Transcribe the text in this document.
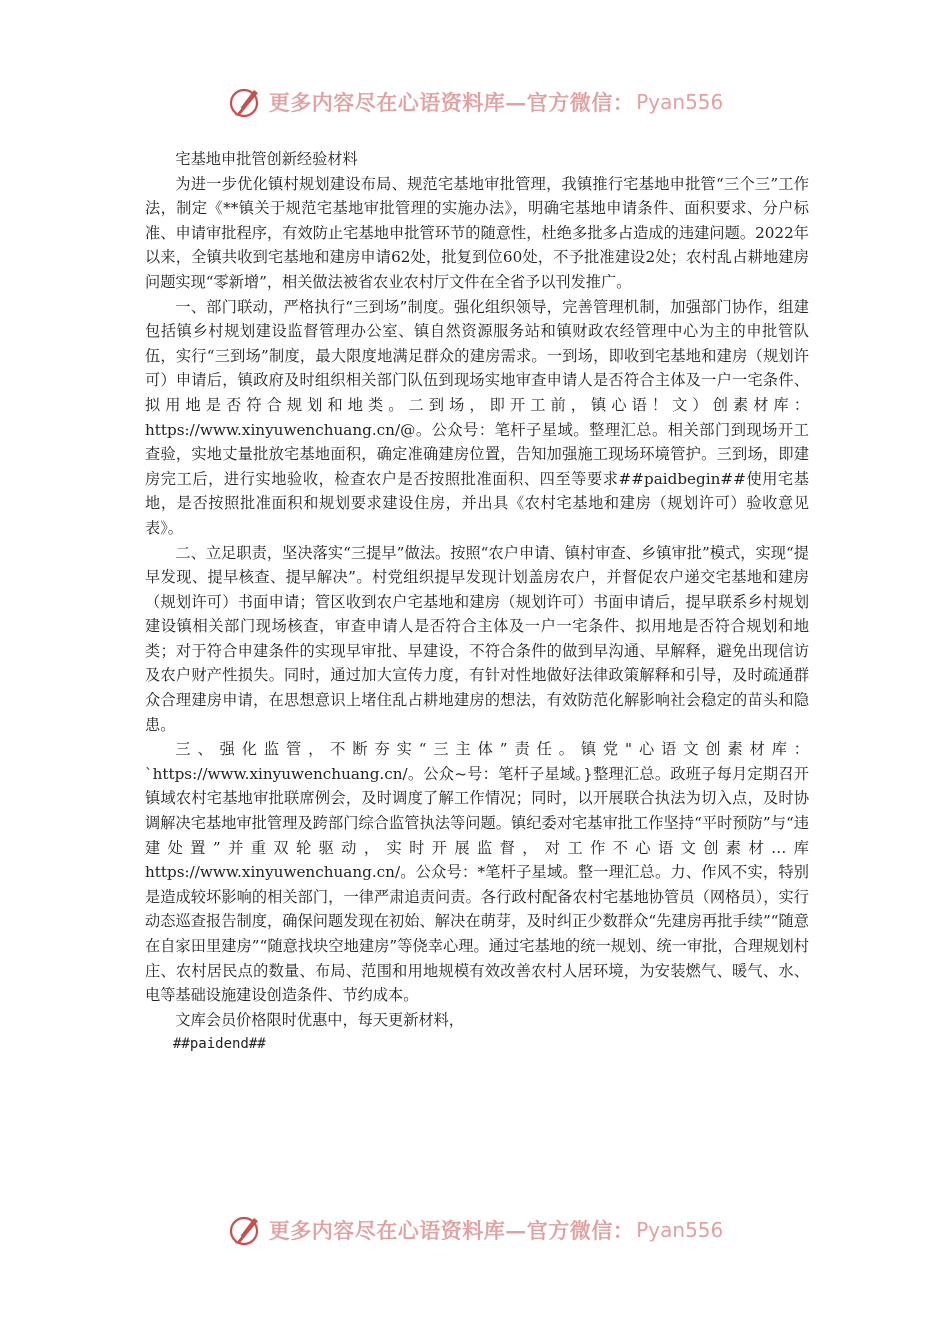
更多内容尽在心语资料库—官方微信： Pyan556

宅基地申批管创新经验材料

为进一步优化镇村规划建设布局、规范宅基地审批管理，我镇推行宅基地申批管“三个三”工作法，制定《**镇关于规范宅基地审批管理的实施办法》，明确宅基地申请条件、面积要求、分户标准、申请审批程序，有效防止宅基地申批管环节的随意性，杜绝多批多占造成的违建问题。2022年以来，全镇共收到宅基地和建房申请62处，批复到位60处，不予批准建设2处；农村乱占耕地建房问题实现“零新增”，相关做法被省农业农村厅文件在全省予以刊发推广。

一、部门联动，严格执行“三到场”制度。强化组织领导，完善管理机制，加强部门协作，组建包括镇乡村规划建设监督管理办公室、镇自然资源服务站和镇财政农经管理中心为主的申批管队伍，实行“三到场”制度，最大限度地满足群众的建房需求。一到场，即收到宅基地和建房（规划许可）申请后，镇政府及时组织相关部门队伍到现场实地审查申请人是否符合主体及一户一宅条件、拟用地是否符合规划和地类。二到场，即开工前，镇心语！文）创素材库：https://www.xinyuwenchuang.cn/@。公众号：笔杆子星域。整理汇总。相关部门到现场开工查验，实地丈量批放宅基地面积，确定准确建房位置，告知加强施工现场环境管护。三到场，即建房完工后，进行实地验收，检查农户是否按照批准面积、四至等要求##paidbegin##使用宅基地，是否按照批准面积和规划要求建设住房，并出具《农村宅基地和建房（规划许可）验收意见表》。

二、立足职责，坚决落实“三提早”做法。按照“农户申请、镇村审查、乡镇审批”模式，实现“提早发现、提早核查、提早解决”。村党组织提早发现计划盖房农户，并督促农户递交宅基地和建房（规划许可）书面申请；管区收到农户宅基地和建房（规划许可）书面申请后，提早联系乡村规划建设镇相关部门现场核查，审查申请人是否符合主体及一户一宅条件、拟用地是否符合规划和地类；对于符合申建条件的实现早审批、早建设，不符合条件的做到早沟通、早解释，避免出现信访及农户财产性损失。同时，通过加大宣传力度，有针对性地做好法律政策解释和引导，及时疏通群众合理建房申请，在思想意识上堵住乱占耕地建房的想法，有效防范化解影响社会稳定的苗头和隐患。

三、强化监管，不断夯实“三主体”责任。镇党"心语文创素材库：`https://www.xinyuwenchuang.cn/。公众~号：笔杆子星域。}整理汇总。政班子每月定期召开镇域农村宅基地审批联席例会，及时调度了解工作情况；同时，以开展联合执法为切入点，及时协调解决宅基地审批管理及跨部门综合监管执法等问题。镇纪委对宅基审批工作坚持“平时预防”与“违建处置”并重双轮驱动，实时开展监督，对工作不心语文创素材…库https://www.xinyuwenchuang.cn/。公众号：*笔杆子星域。整一理汇总。力、作风不实，特别是造成较坏影响的相关部门，一律严肃追责问责。各行政村配备农村宅基地协管员（网格员），实行动态巡查报告制度，确保问题发现在初始、解决在萌芽，及时纠正少数群众“先建房再批手续”“随意在自家田里建房”“随意找块空地建房”等侥幸心理。通过宅基地的统一规划、统一审批，合理规划村庄、农村居民点的数量、布局、范围和用地规模有效改善农村人居环境，为安装燃气、暖气、水、电等基础设施建设创造条件、节约成本。

文库会员价格限时优惠中，每天更新材料，

##paidend##

更多内容尽在心语资料库—官方微信： Pyan556
